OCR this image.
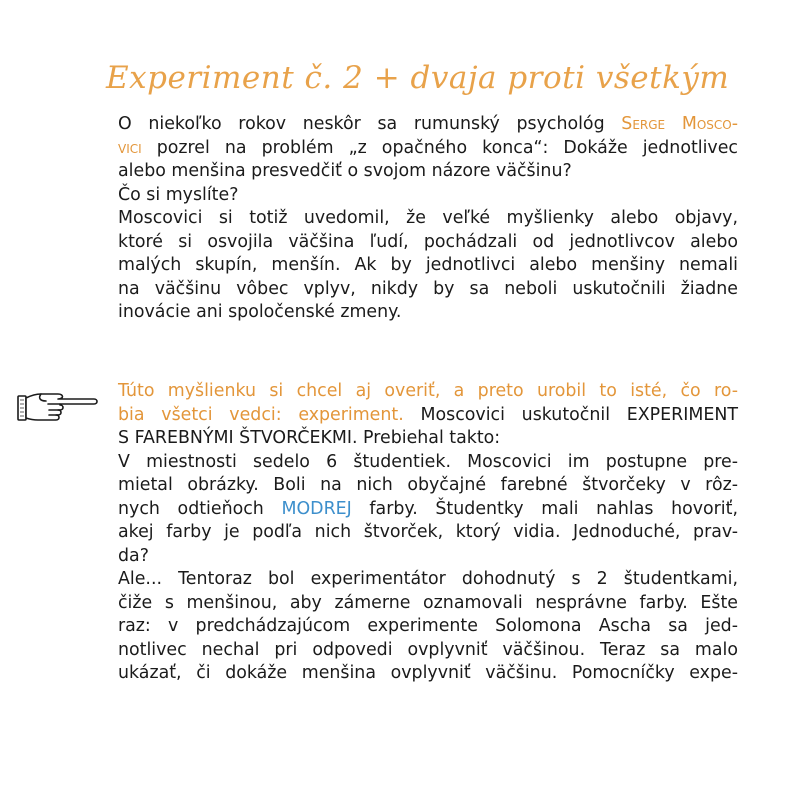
Experiment č. 2 + dvaja proti všetkým
O niekoľko rokov neskôr sa rumunský psychológ Serge Mosco-
vici pozrel na problém „z opačného konca“: Dokáže jednotlivec
alebo menšina presvedčiť o svojom názore väčšinu?
Čo si myslíte?
Moscovici si totiž uvedomil, že veľké myšlienky alebo objavy,
ktoré si osvojila väčšina ľudí, pochádzali od jednotlivcov alebo
malých skupín, menšín. Ak by jednotlivci alebo menšiny nemali
na väčšinu vôbec vplyv, nikdy by sa neboli uskutočnili žiadne
inovácie ani spoločenské zmeny.
Túto myšlienku si chcel aj overiť, a preto urobil to isté, čo ro-
bia všetci vedci: experiment. Moscovici uskutočnil EXPERIMENT
S FAREBNÝMI ŠTVORČEKMI. Prebiehal takto:
V miestnosti sedelo 6 študentiek. Moscovici im postupne pre-
mietal obrázky. Boli na nich obyčajné farebné štvorčeky v rôz-
nych odtieňoch MODREJ farby. Študentky mali nahlas hovoriť,
akej farby je podľa nich štvorček, ktorý vidia. Jednoduché, prav-
da?
Ale... Tentoraz bol experimentátor dohodnutý s 2 študentkami,
čiže s menšinou, aby zámerne oznamovali nesprávne farby. Ešte
raz: v predchádzajúcom experimente Solomona Ascha sa jed-
notlivec nechal pri odpovedi ovplyvniť väčšinou. Teraz sa malo
ukázať, či dokáže menšina ovplyvniť väčšinu. Pomocníčky expe-
